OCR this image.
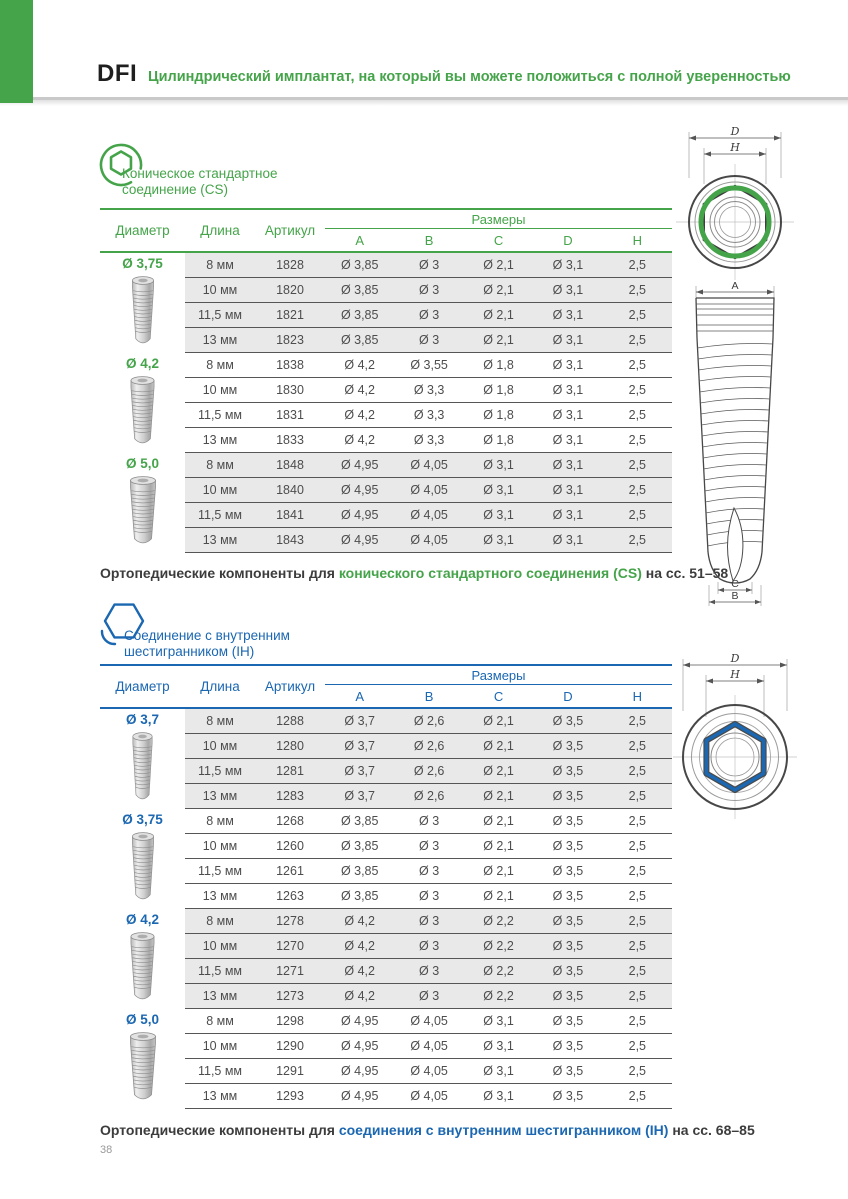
DFI Цилиндрический имплантат, на который вы можете положиться с полной уверенностью
Коническое стандартное
соединение (CS)
Диаметр	Длина	Артикул
Размеры
A	B	C	D	H
Ø 3,75	8 мм	1828	Ø 3,85	Ø 3	Ø 2,1	Ø 3,1	2,5
10 мм	1820	Ø 3,85	Ø 3	Ø 2,1	Ø 3,1	2,5
11,5 мм	1821	Ø 3,85	Ø 3	Ø 2,1	Ø 3,1	2,5
13 мм	1823	Ø 3,85	Ø 3	Ø 2,1	Ø 3,1	2,5
Ø 4,2	8 мм	1838	Ø 4,2	Ø 3,55	Ø 1,8	Ø 3,1	2,5
10 мм	1830	Ø 4,2	Ø 3,3	Ø 1,8	Ø 3,1	2,5
11,5 мм	1831	Ø 4,2	Ø 3,3	Ø 1,8	Ø 3,1	2,5
13 мм	1833	Ø 4,2	Ø 3,3	Ø 1,8	Ø 3,1	2,5
Ø 5,0	8 мм	1848	Ø 4,95	Ø 4,05	Ø 3,1	Ø 3,1	2,5
10 мм	1840	Ø 4,95	Ø 4,05	Ø 3,1	Ø 3,1	2,5
11,5 мм	1841	Ø 4,95	Ø 4,05	Ø 3,1	Ø 3,1	2,5
13 мм	1843	Ø 4,95	Ø 4,05	Ø 3,1	Ø 3,1	2,5
Ортопедические компоненты для конического стандартного соединения (CS) на сс. 51–58
Соединение с внутренним
шестигранником (IH)
Диаметр	Длина	Артикул
Размеры
A	B	C	D	H
Ø 3,7	8 мм	1288	Ø 3,7	Ø 2,6	Ø 2,1	Ø 3,5	2,5
10 мм	1280	Ø 3,7	Ø 2,6	Ø 2,1	Ø 3,5	2,5
11,5 мм	1281	Ø 3,7	Ø 2,6	Ø 2,1	Ø 3,5	2,5
13 мм	1283	Ø 3,7	Ø 2,6	Ø 2,1	Ø 3,5	2,5
Ø 3,75	8 мм	1268	Ø 3,85	Ø 3	Ø 2,1	Ø 3,5	2,5
10 мм	1260	Ø 3,85	Ø 3	Ø 2,1	Ø 3,5	2,5
11,5 мм	1261	Ø 3,85	Ø 3	Ø 2,1	Ø 3,5	2,5
13 мм	1263	Ø 3,85	Ø 3	Ø 2,1	Ø 3,5	2,5
Ø 4,2	8 мм	1278	Ø 4,2	Ø 3	Ø 2,2	Ø 3,5	2,5
10 мм	1270	Ø 4,2	Ø 3	Ø 2,2	Ø 3,5	2,5
11,5 мм	1271	Ø 4,2	Ø 3	Ø 2,2	Ø 3,5	2,5
13 мм	1273	Ø 4,2	Ø 3	Ø 2,2	Ø 3,5	2,5
Ø 5,0	8 мм	1298	Ø 4,95	Ø 4,05	Ø 3,1	Ø 3,5	2,5
10 мм	1290	Ø 4,95	Ø 4,05	Ø 3,1	Ø 3,5	2,5
11,5 мм	1291	Ø 4,95	Ø 4,05	Ø 3,1	Ø 3,5	2,5
13 мм	1293	Ø 4,95	Ø 4,05	Ø 3,1	Ø 3,5	2,5
Ортопедические компоненты для соединения с внутренним шестигранником (IH) на сс. 68–85
D
H
A
C
B
D
H
38
